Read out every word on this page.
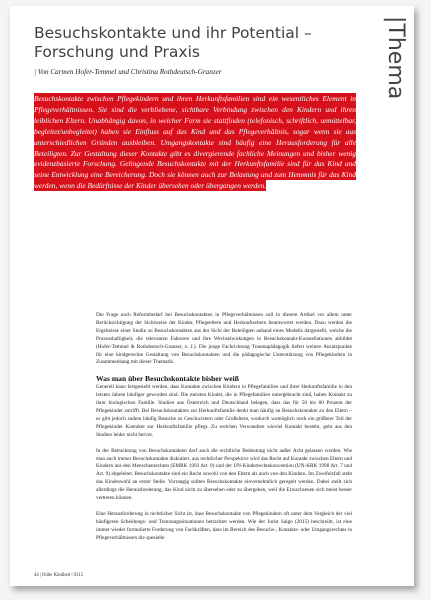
Besuchskontakte und ihr Potential – Forschung und Praxis
| Von Carmen Hofer-Temmel und Christina Rothdeutsch-Granzer	|Thema

Besuchskontakte zwischen Pflegekindern und ihren Herkunftsfamilien sind ein wesentliches Element in Pflegeverhältnissen. Sie sind die verbliebene, sichtbare Verbindung zwischen den Kindern und ihren leiblichen Eltern. Unabhängig davon, in welcher Form sie stattfinden (telefonisch, schriftlich, unmittelbar, begleitet/unbegleitet) haben sie Einfluss auf das Kind und das Pflegeverhältnis, sogar wenn sie aus unterschiedlichen Gründen ausbleiben. Umgangskontakte sind häufig eine Herausforderung für alle Beteiligten. Zur Gestaltung dieser Kontakte gibt es divergierende fachliche Meinungen und bisher wenig evidenzbasierte Forschung. Gelingende Besuchskontakte mit der Herkunftsfamilie sind für das Kind und seine Entwicklung eine Bereicherung. Doch sie können auch zur Belastung und zum Hemmnis für das Kind werden, wenn die Bedürfnisse der Kinder übersehen oder übergangen werden.

Die Frage nach Reformbedarf bei Besuchskontakten in Pflegeverhältnissen soll in diesem Artikel vor allem unter Berücksichtigung der Sichtweise der Kinder, Pflegeeltern und Herkunftseltern beantwortet werden. Dazu werden die Ergebnisse einer Studie zu Besuchskontakten aus der Sicht der Beteiligten anhand eines Modells dargestellt, welche die Prozesshaftigkeit, die relevanten Faktoren und ihre Wechselwirkungen in Besuchskontakt-Konstellationen abbildet (Hofer-Temmel & Rothdeutsch-Granzer, o. J.). Die junge Fachrichtung Traumapädagogik liefert weitere Ansatzpunkte für eine kindgerechte Gestaltung von Besuchskontakten und die pädagogische Unterstützung von Pflegekindern in Zusammenhang mit dieser Thematik.

Was man über Besuchskontakte bisher weiß

Generell kann festgestellt werden, dass Kontakte zwischen Kindern in Pflegefamilien und ihrer Herkunftsfamilie in den letzten Jahren häufiger geworden sind. Die meisten Kinder, die in Pflegefamilien untergebracht sind, haben Kontakt zu ihrer biologischen Familie. Studien aus Österreich und Deutschland belegen, dass das für 50 bis 80 Prozent der Pflegekinder zutrifft. Bei Besuchskontakten zur Herkunftsfamilie denkt man häufig an Besuchskontakte zu den Eltern – es gibt jedoch zudem häufig Besuche zu Geschwistern oder Großeltern, wodurch womöglich noch ein größerer Teil der Pflegekinder Kontakte zur Herkunftsfamilie pflegt. Zu welchen Verwandten wieviel Kontakt besteht, geht aus den Studien leider nicht hervor.

In der Betrachtung von Besuchskontakten darf auch die rechtliche Bedeutung nicht außer Acht gelassen werden. Wie man auch immer Besuchskontakte diskutiert, aus rechtlicher Perspektive wird das Recht auf Kontakt zwischen Eltern und Kindern aus den Menschenrechten (EMRK 1993 Art. 8) und der UN-Kinderrechtekonvention (UN-KRK 1998 Art. 7 und Art. 9) abgeleitet. Besuchskontakte sind ein Recht sowohl von den Eltern als auch von den Kindern. Im Zweifelsfall steht das Kindeswohl an erster Stelle. Vorrangig sollten Besuchskontakte einvernehmlich geregelt werden. Dabei stellt sich allerdings die Herausforderung, das Kind nicht zu übersehen oder zu übergehen, weil die Erwachsenen sich meist besser vertreten können.

Eine Herausforderung in rechtlicher Sicht ist, dass Besuchskontakte von Pflegekindern oft unter dem Vergleich der viel häufigeren Scheidungs- und Trennungssituationen betrachtet werden. Wie der Jurist Salgo (2015) beschreibt, ist eine immer wieder formulierte Forderung von Fachkräften, dass im Bereich des Besuchs-, Kontakts- oder Umgangsrechtes in Pflegeverhältnissen die spezielle

44 | frühe Kindheit | 0315
